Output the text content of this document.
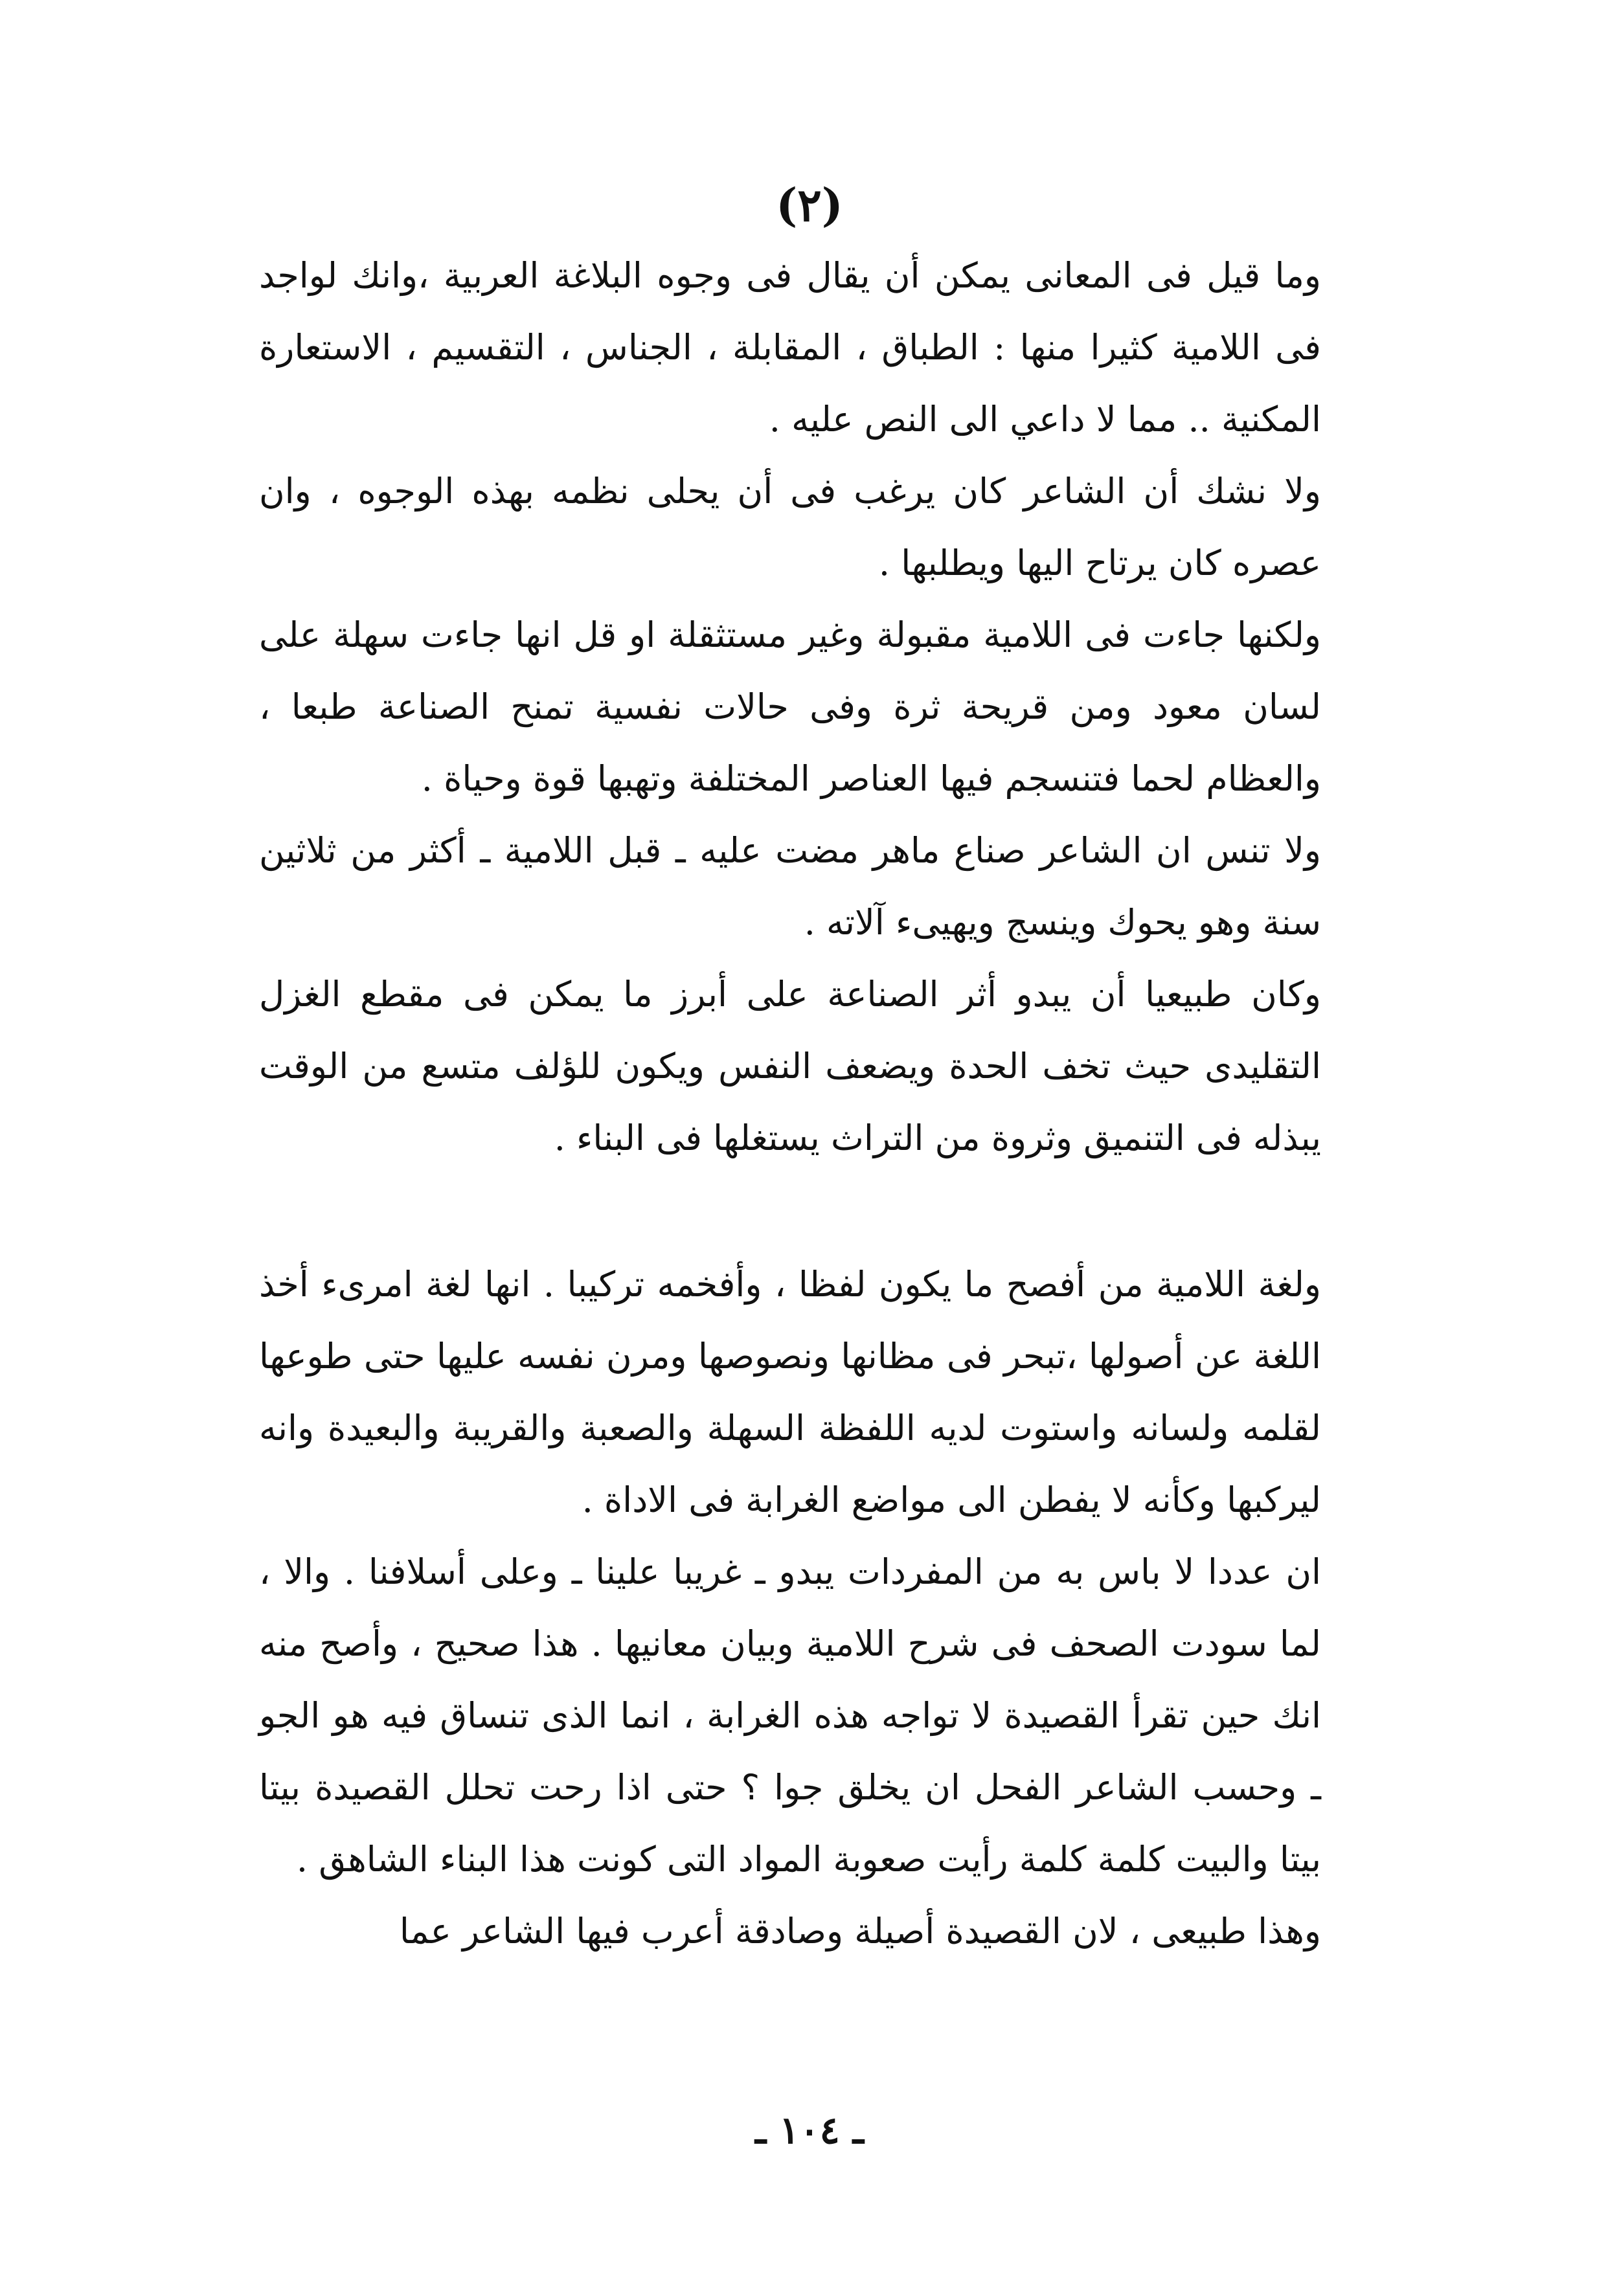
(٢)

وما قيل فى المعانى يمكن أن يقال فى وجوه البلاغة العربية ،وانك لواجد فى اللامية كثيرا منها : الطباق ، المقابلة ، الجناس ، التقسيم ، الاستعارة المكنية .. مما لا داعي الى النص عليه .

ولا نشك أن الشاعر كان يرغب فى أن يحلى نظمه بهذه الوجوه ، وان عصره كان يرتاح اليها ويطلبها .

ولكنها جاءت فى اللامية مقبولة وغير مستثقلة او قل انها جاءت سهلة على لسان معود ومن قريحة ثرة وفى حالات نفسية تمنح الصناعة طبعا ، والعظام لحما فتنسجم فيها العناصر المختلفة وتهبها قوة وحياة .

ولا تنس ان الشاعر صناع ماهر مضت عليه ـ قبل اللامية ـ أكثر من ثلاثين سنة وهو يحوك وينسج ويهيىء آلاته .

وكان طبيعيا أن يبدو أثر الصناعة على أبرز ما يمكن فى مقطع الغزل التقليدى حيث تخف الحدة ويضعف النفس ويكون للؤلف متسع من الوقت يبذله فى التنميق وثروة من التراث يستغلها فى البناء .

ولغة اللامية من أفصح ما يكون لفظا ، وأفخمه تركيبا . انها لغة امرىء أخذ اللغة عن أصولها ،تبحر فى مظانها ونصوصها ومرن نفسه عليها حتى طوعها لقلمه ولسانه واستوت لديه اللفظة السهلة والصعبة والقريبة والبعيدة وانه ليركبها وكأنه لا يفطن الى مواضع الغرابة فى الاداة .

ان عددا لا باس به من المفردات يبدو ـ غريبا علينا ـ وعلى أسلافنا . والا ، لما سودت الصحف فى شرح اللامية وبيان معانيها . هذا صحيح ، وأصح منه انك حين تقرأ القصيدة لا تواجه هذه الغرابة ، انما الذى تنساق فيه هو الجو ـ وحسب الشاعر الفحل ان يخلق جوا ؟ حتى اذا رحت تحلل القصيدة بيتا بيتا والبيت كلمة كلمة رأيت صعوبة المواد التى كونت هذا البناء الشاهق .

وهذا طبيعى ، لان القصيدة أصيلة وصادقة أعرب فيها الشاعر عما

ـ ١٠٤ ـ
